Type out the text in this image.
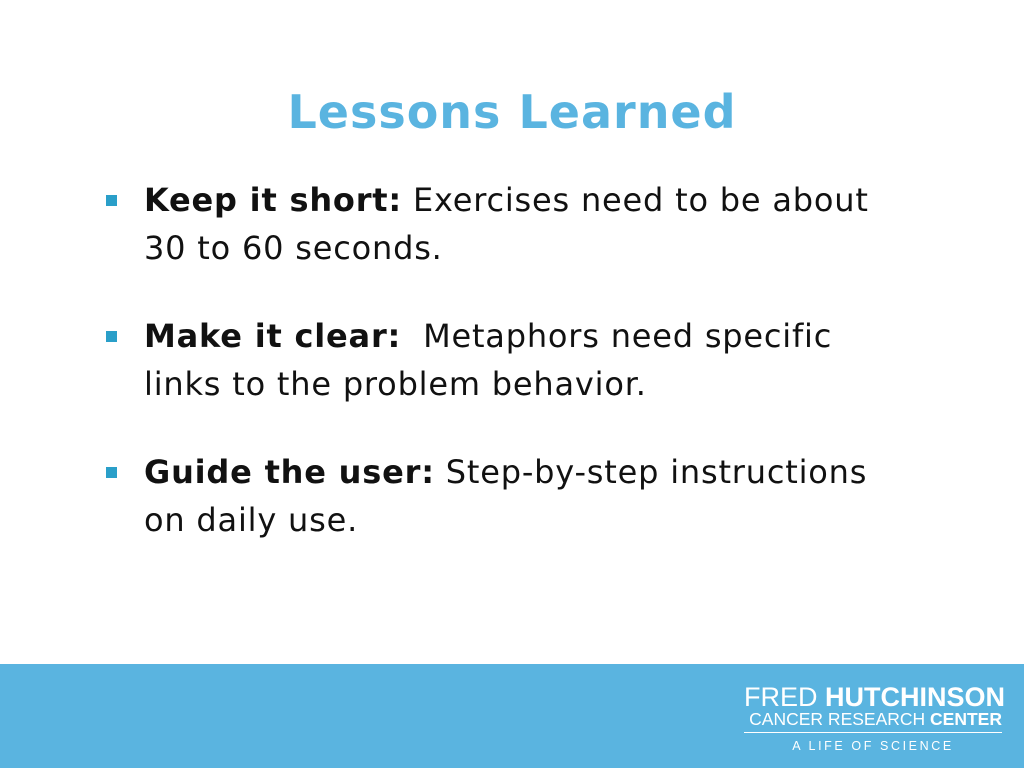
Lessons Learned
Keep it short: Exercises need to be about 30 to 60 seconds.
Make it clear:  Metaphors need specific links to the problem behavior.
Guide the user: Step-by-step instructions on daily use.
FRED HUTCHINSON
CANCER RESEARCH CENTER
A LIFE OF SCIENCE
